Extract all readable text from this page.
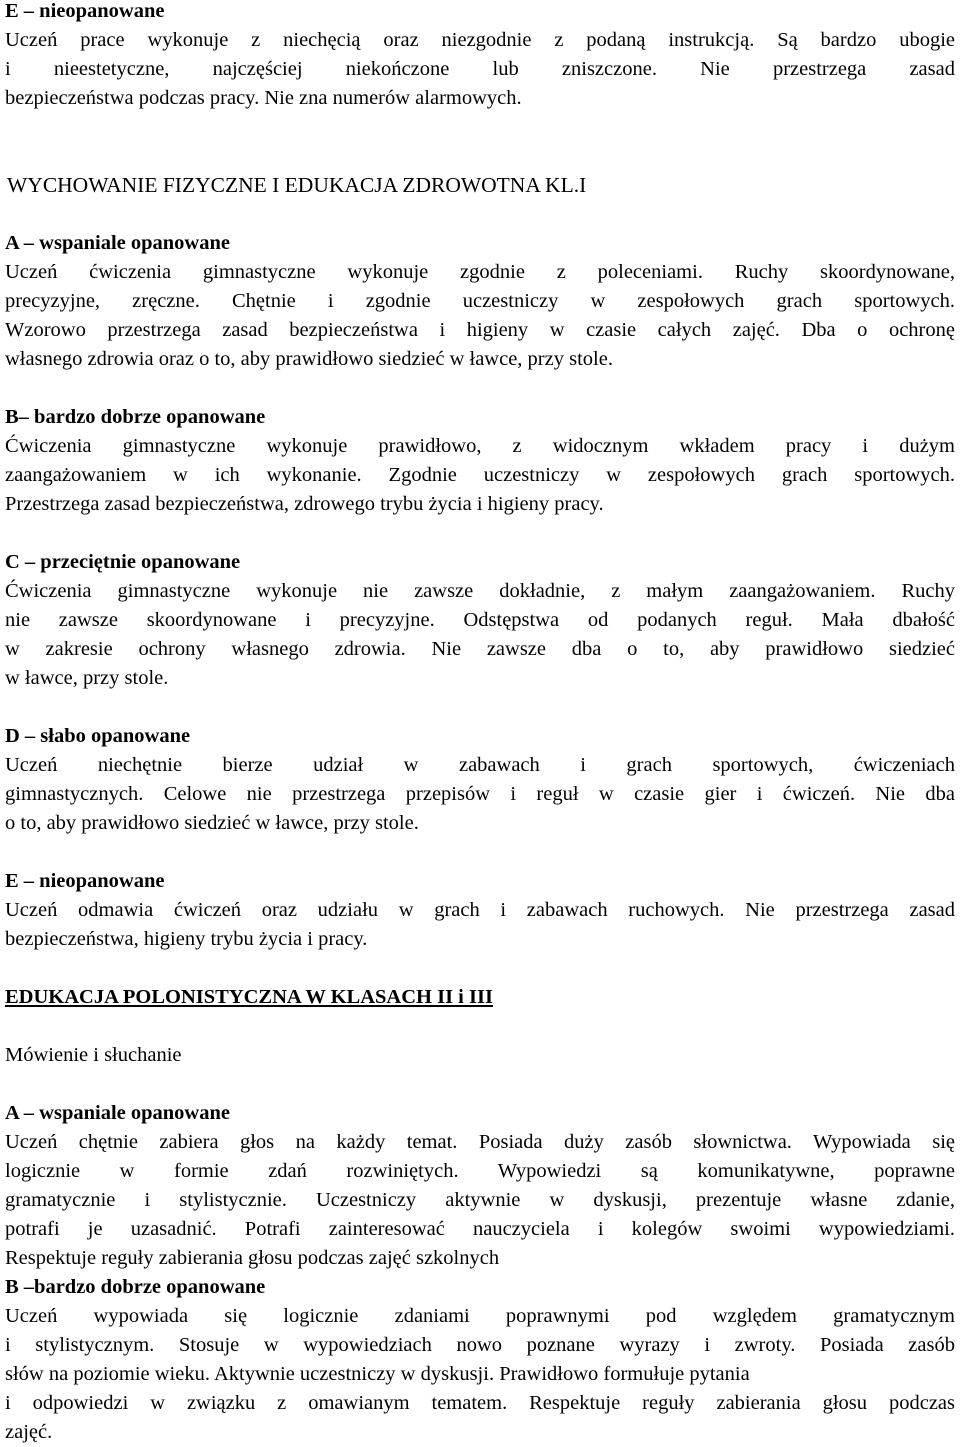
E – nieopanowane
Uczeń prace wykonuje z niechęcią oraz niezgodnie z podaną instrukcją. Są bardzo ubogie
i nieestetyczne, najczęściej niekończone lub zniszczone. Nie przestrzega zasad
bezpieczeństwa podczas pracy. Nie zna numerów alarmowych.
WYCHOWANIE FIZYCZNE I EDUKACJA ZDROWOTNA KL.I
A – wspaniale opanowane
Uczeń ćwiczenia gimnastyczne wykonuje zgodnie z poleceniami. Ruchy skoordynowane,
precyzyjne, zręczne. Chętnie i zgodnie uczestniczy w zespołowych grach sportowych.
Wzorowo przestrzega zasad bezpieczeństwa i higieny w czasie całych zajęć. Dba o ochronę
własnego zdrowia oraz o to, aby prawidłowo siedzieć w ławce, przy stole.
B– bardzo dobrze opanowane
Ćwiczenia gimnastyczne wykonuje prawidłowo, z widocznym wkładem pracy i dużym
zaangażowaniem w ich wykonanie. Zgodnie uczestniczy w zespołowych grach sportowych.
Przestrzega zasad bezpieczeństwa, zdrowego trybu życia i higieny pracy.
C – przeciętnie opanowane
Ćwiczenia gimnastyczne wykonuje nie zawsze dokładnie, z małym zaangażowaniem. Ruchy
nie zawsze skoordynowane i precyzyjne. Odstępstwa od podanych reguł. Mała dbałość
w zakresie ochrony własnego zdrowia. Nie zawsze dba o to, aby prawidłowo siedzieć
w ławce, przy stole.
D – słabo opanowane
Uczeń niechętnie bierze udział w zabawach i grach sportowych, ćwiczeniach
gimnastycznych. Celowe nie przestrzega przepisów i reguł w czasie gier i ćwiczeń. Nie dba
o to, aby prawidłowo siedzieć w ławce, przy stole.
E – nieopanowane
Uczeń odmawia ćwiczeń oraz udziału w grach i zabawach ruchowych. Nie przestrzega zasad
bezpieczeństwa, higieny trybu życia i pracy.
EDUKACJA POLONISTYCZNA W KLASACH II i III
Mówienie i słuchanie
A – wspaniale opanowane
Uczeń chętnie zabiera głos na każdy temat. Posiada duży zasób słownictwa. Wypowiada się
logicznie w formie zdań rozwiniętych. Wypowiedzi są komunikatywne, poprawne
gramatycznie i stylistycznie. Uczestniczy aktywnie w dyskusji, prezentuje własne zdanie,
potrafi je uzasadnić. Potrafi zainteresować nauczyciela i kolegów swoimi wypowiedziami.
Respektuje reguły zabierania głosu podczas zajęć szkolnych
B –bardzo dobrze opanowane
Uczeń wypowiada się logicznie zdaniami poprawnymi pod względem gramatycznym
i stylistycznym. Stosuje w wypowiedziach nowo poznane wyrazy i zwroty. Posiada zasób
słów na poziomie wieku. Aktywnie uczestniczy w dyskusji. Prawidłowo formułuje pytania
i odpowiedzi w związku z omawianym tematem. Respektuje reguły zabierania głosu podczas
zajęć.
